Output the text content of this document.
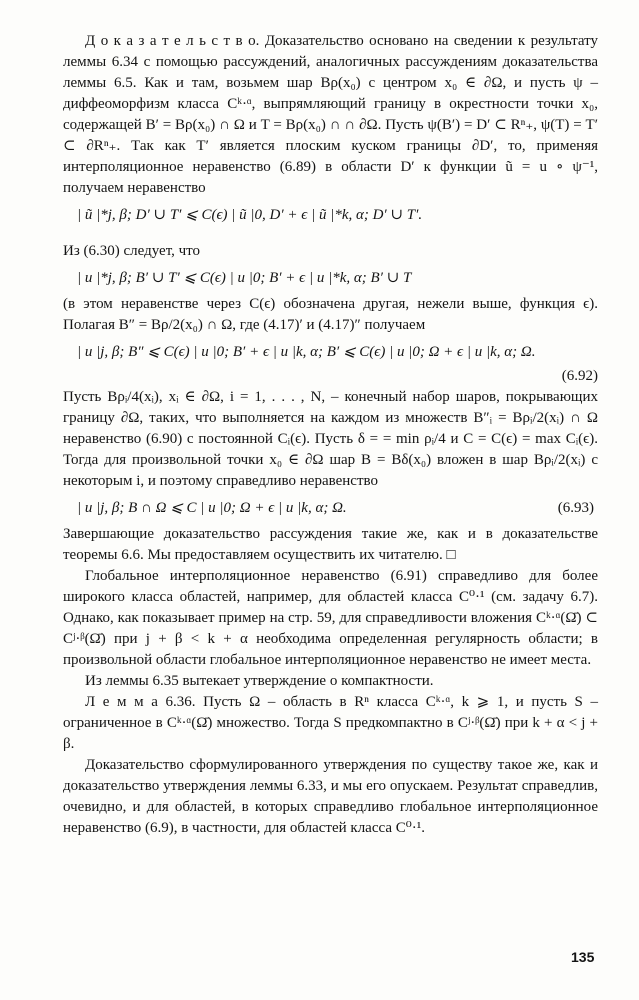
Д о к а з а т е л ь с т в о. Доказательство основано на сведении к результату леммы 6.34 с помощью рассуждений, аналогичных рассуждениям доказательства леммы 6.5. Как и там, возьмем шар Bρ(x₀) с центром x₀ ∈ ∂Ω, и пусть ψ – диффеоморфизм класса Cᵏ·ᵅ, выпрямляющий границу в окрестности точки x₀, содержащей B′ = Bρ(x₀) ∩ Ω и T = Bρ(x₀) ∩ ∩ ∂Ω. Пусть ψ(B′) = D′ ⊂ Rⁿ₊, ψ(T) = T′ ⊂ ∂Rⁿ₊. Так как T′ является плоским куском границы ∂D′, то, применяя интерполяционное неравенство (6.89) в области D′ к функции ũ = u ∘ ψ⁻¹, получаем неравенство

| ũ |*j, β; D′ ∪ T′ ⩽ C(ϵ) | ũ |0, D′ + ϵ | ũ |*k, α; D′ ∪ T′.

Из (6.30) следует, что

| u |*j, β; B′ ∪ T′ ⩽ C(ϵ) | u |0; B′ + ϵ | u |*k, α; B′ ∪ T

(в этом неравенстве через C(ϵ) обозначена другая, нежели выше, функция ϵ). Полагая B″ = Bρ/2(x₀) ∩ Ω, где (4.17)′ и (4.17)″ получаем

| u |j, β; B″ ⩽ C(ϵ) | u |0; B′ + ϵ | u |k, α; B′ ⩽ C(ϵ) | u |0; Ω + ϵ | u |k, α; Ω.
(6.92)

Пусть Bρᵢ/4(xᵢ), xᵢ ∈ ∂Ω, i = 1, . . . , N, – конечный набор шаров, покрывающих границу ∂Ω, таких, что выполняется на каждом из множеств B″ᵢ = Bρᵢ/2(xᵢ) ∩ Ω неравенство (6.90) с постоянной Cᵢ(ϵ). Пусть δ = = min ρᵢ/4 и C = C(ϵ) = max Cᵢ(ϵ). Тогда для произвольной точки x₀ ∈ ∂Ω шар B = Bδ(x₀) вложен в шар Bρᵢ/2(xᵢ) с некоторым i, и поэтому справедливо неравенство

| u |j, β; B ∩ Ω ⩽ C | u |0; Ω + ϵ | u |k, α; Ω.	(6.93)

Завершающие доказательство рассуждения такие же, как и в доказательстве теоремы 6.6. Мы предоставляем осуществить их читателю. □

Глобальное интерполяционное неравенство (6.91) справедливо для более широкого класса областей, например, для областей класса C⁰·¹ (см. задачу 6.7). Однако, как показывает пример на стр. 59, для справедливости вложения Cᵏ·ᵅ(Ω̄) ⊂ Cʲ·ᵝ(Ω̄) при j + β < k + α необходима определенная регулярность области; в произвольной области глобальное интерполяционное неравенство не имеет места.

Из леммы 6.35 вытекает утверждение о компактности.

Л е м м а 6.36. Пусть Ω – область в Rⁿ класса Cᵏ·ᵅ, k ⩾ 1, и пусть S – ограниченное в Cᵏ·ᵅ(Ω̄) множество. Тогда S предкомпактно в Cʲ·ᵝ(Ω̄) при k + α < j + β.

Доказательство сформулированного утверждения по существу такое же, как и доказательство утверждения леммы 6.33, и мы его опускаем. Результат справедлив, очевидно, и для областей, в которых справедливо глобальное интерполяционное неравенство (6.9), в частности, для областей класса C⁰·¹.

135
